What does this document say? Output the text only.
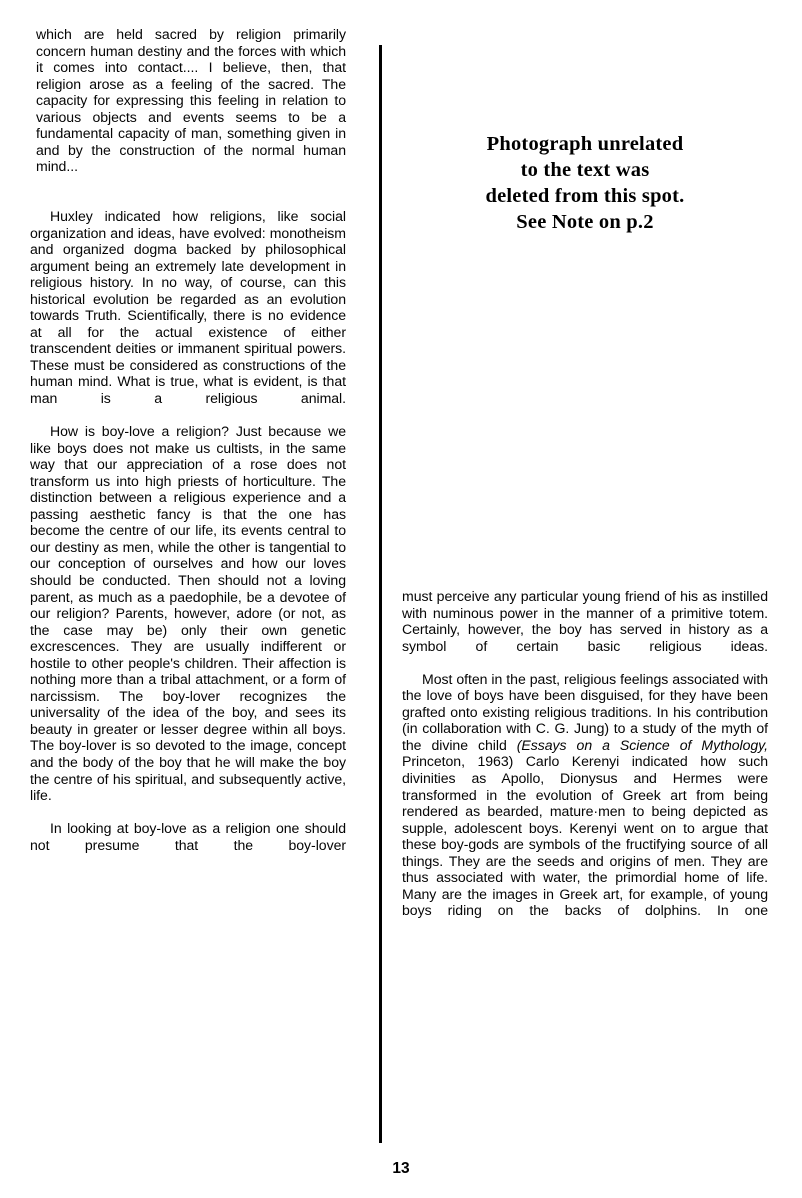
which are held sacred by religion primarily concern human destiny and the forces with which it comes into contact.... I believe, then, that religion arose as a feeling of the sacred. The capacity for expressing this feeling in relation to various objects and events seems to be a fundamental capacity of man, something given in and by the construction of the normal human mind...

Huxley indicated how religions, like social organization and ideas, have evolved: monotheism and organized dogma backed by philosophical argument being an extremely late development in religious history. In no way, of course, can this historical evolution be regarded as an evolution towards Truth. Scientifically, there is no evidence at all for the actual existence of either transcendent deities or immanent spiritual powers. These must be considered as constructions of the human mind. What is true, what is evident, is that man is a religious animal.

How is boy-love a religion? Just because we like boys does not make us cultists, in the same way that our appreciation of a rose does not transform us into high priests of horticulture. The distinction between a religious experience and a passing aesthetic fancy is that the one has become the centre of our life, its events central to our destiny as men, while the other is tangential to our conception of ourselves and how our loves should be conducted. Then should not a loving parent, as much as a paedophile, be a devotee of our religion? Parents, however, adore (or not, as the case may be) only their own genetic excrescences. They are usually indifferent or hostile to other people's children. Their affection is nothing more than a tribal attachment, or a form of narcissism. The boy-lover recognizes the universality of the idea of the boy, and sees its beauty in greater or lesser degree within all boys. The boy-lover is so devoted to the image, concept and the body of the boy that he will make the boy the centre of his spiritual, and subsequently active, life.

In looking at boy-love as a religion one should not presume that the boy-lover

Photograph unrelated
to the text was
deleted from this spot.
See Note on p.2

must perceive any particular young friend of his as instilled with numinous power in the manner of a primitive totem. Certainly, however, the boy has served in history as a symbol of certain basic religious ideas.

Most often in the past, religious feelings associated with the love of boys have been disguised, for they have been grafted onto existing religious traditions. In his contribution (in collaboration with C. G. Jung) to a study of the myth of the divine child (Essays on a Science of Mythology, Princeton, 1963) Carlo Kerenyi indicated how such divinities as Apollo, Dionysus and Hermes were transformed in the evolution of Greek art from being rendered as bearded, mature·men to being depicted as supple, adolescent boys. Kerenyi went on to argue that these boy-gods are symbols of the fructifying source of all things. They are the seeds and origins of men. They are thus associated with water, the primordial home of life. Many are the images in Greek art, for example, of young boys riding on the backs of dolphins. In one

13
